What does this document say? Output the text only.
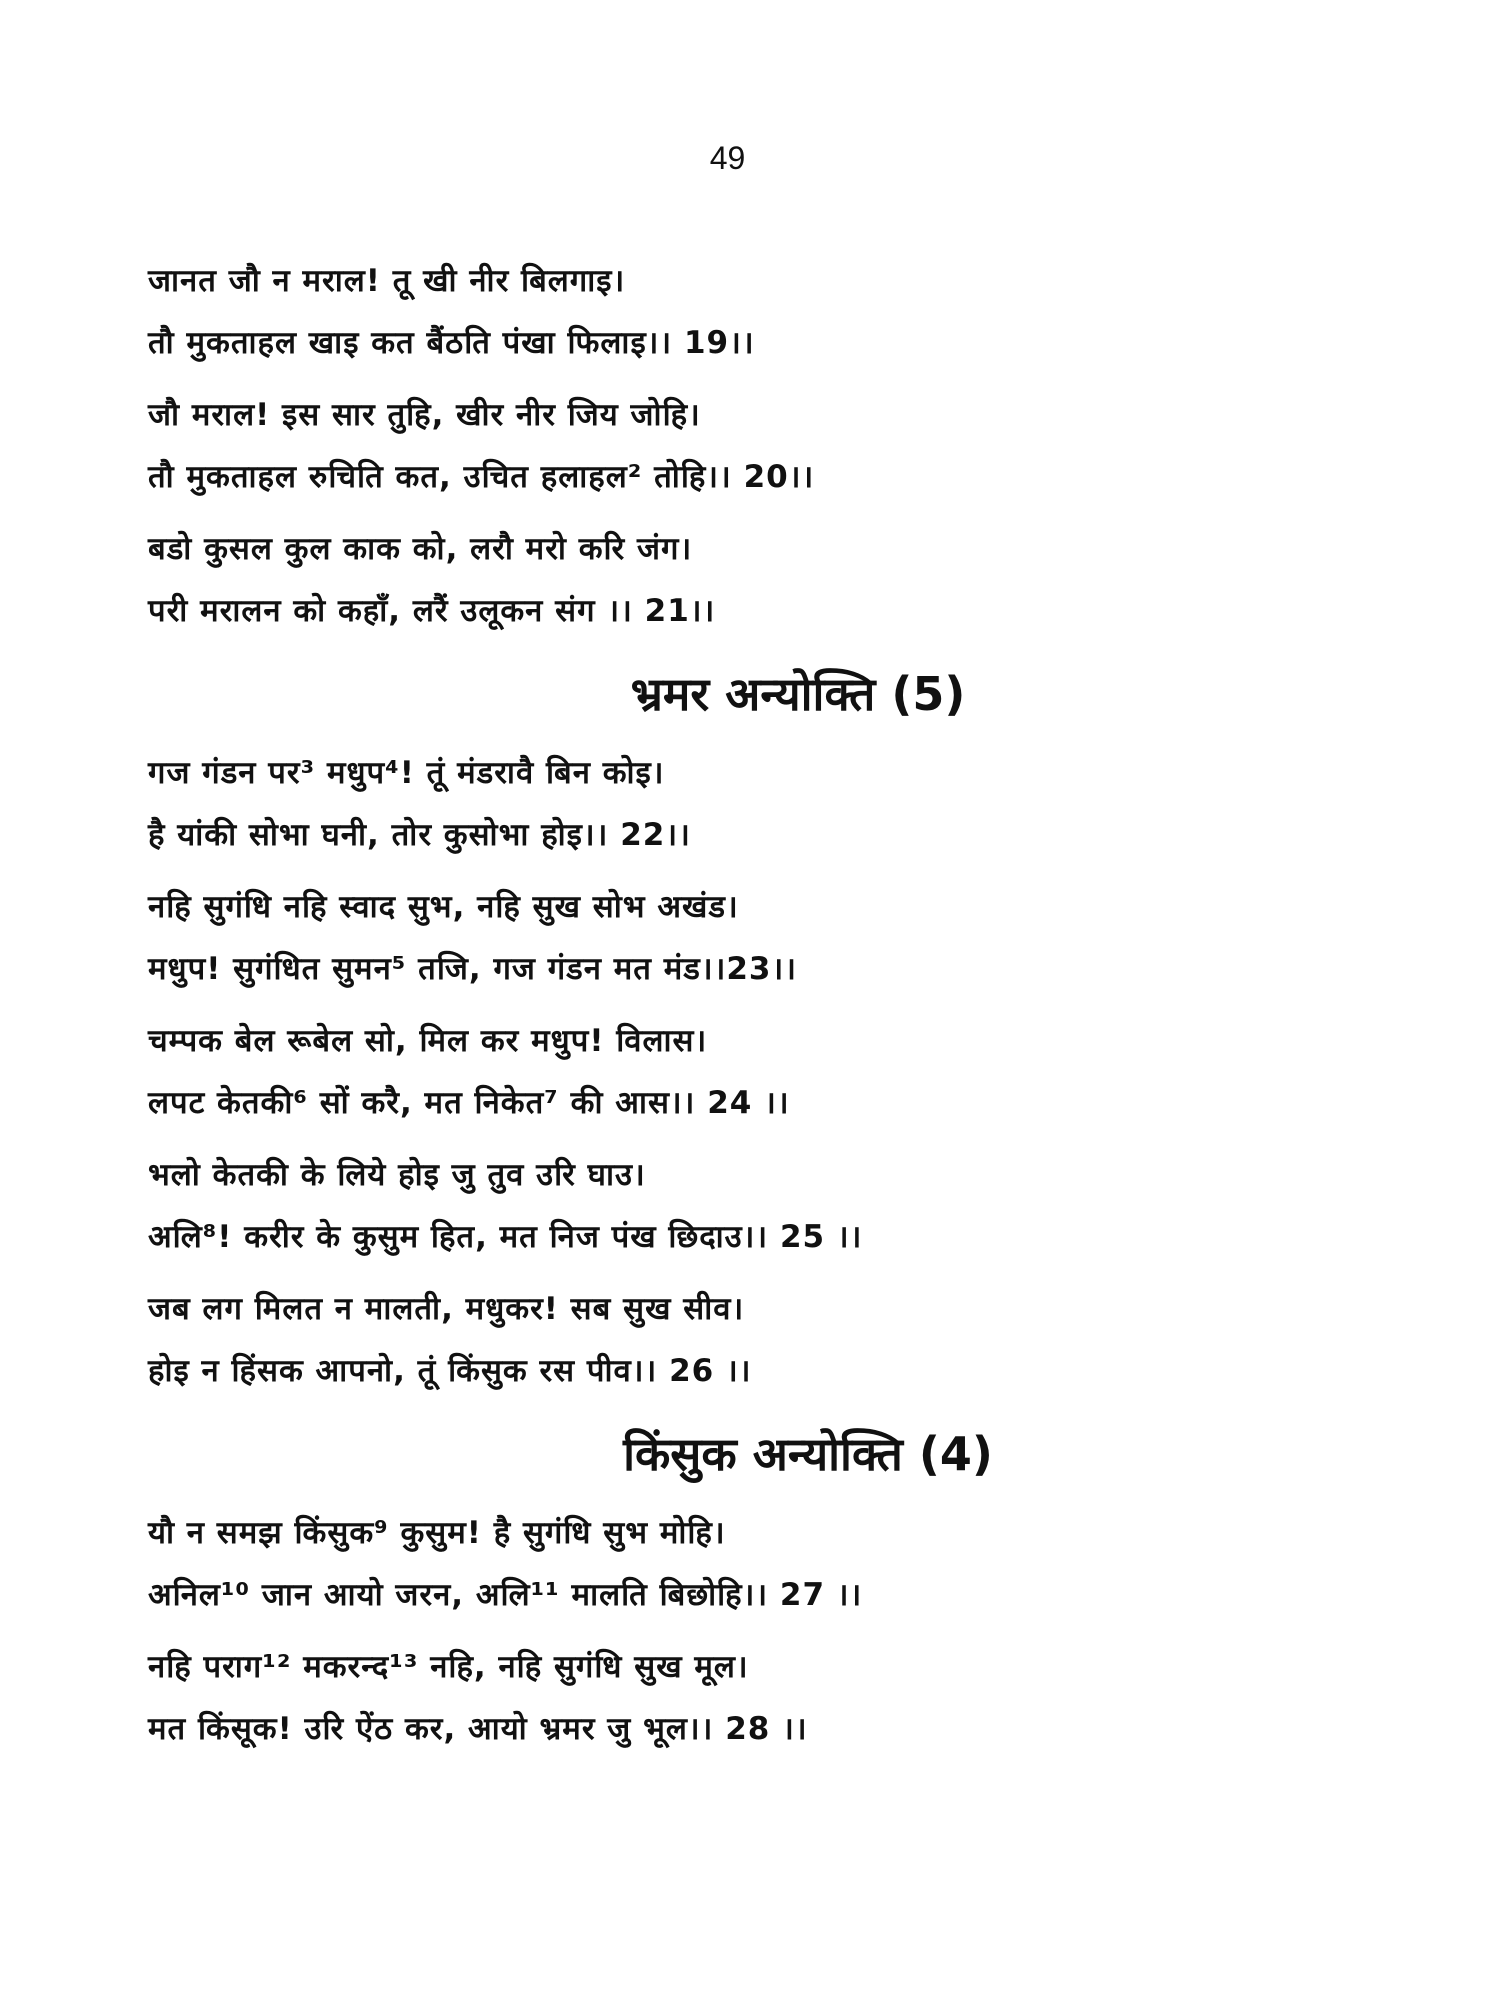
49
जानत जौ न मराल! तू खी नीर बिलगाइ।
तौ मुकताहल खाइ कत बैंठति पंखा फिलाइ।। 19।।
जौ मराल! इस सार तुहि, खीर नीर जिय जोहि।
तौ मुकताहल रुचिति कत, उचित हलाहल² तोहि।। 20।।
बडो कुसल कुल काक को, लरौ मरो करि जंग।
परी मरालन को कहाँ, लरैं उलूकन संग ।। 21।।
भ्रमर अन्योक्ति (5)
गज गंडन पर³ मधुप⁴! तूं मंडरावै बिन कोइ।
है यांकी सोभा घनी, तोर कुसोभा होइ।। 22।।
नहि सुगंधि नहि स्वाद सुभ, नहि सुख सोभ अखंड।
मधुप! सुगंधित सुमन⁵ तजि, गज गंडन मत मंड।।23।।
चम्पक बेल रूबेल सो, मिल कर मधुप! विलास।
लपट केतकी⁶ सों करै, मत निकेत⁷ की आस।। 24 ।।
भलो केतकी के लिये होइ जु तुव उरि घाउ।
अलि⁸! करीर के कुसुम हित, मत निज पंख छिदाउ।। 25 ।।
जब लग मिलत न मालती, मधुकर! सब सुख सीव।
होइ न हिंसक आपनो, तूं किंसुक रस पीव।। 26 ।।
किंसुक अन्योक्ति (4)
यौ न समझ किंसुक⁹ कुसुम! है सुगंधि सुभ मोहि।
अनिल¹⁰ जान आयो जरन, अलि¹¹ मालति बिछोहि।। 27 ।।
नहि पराग¹² मकरन्द¹³ नहि, नहि सुगंधि सुख मूल।
मत किंसूक! उरि ऐंठ कर, आयो भ्रमर जु भूल।। 28 ।।
